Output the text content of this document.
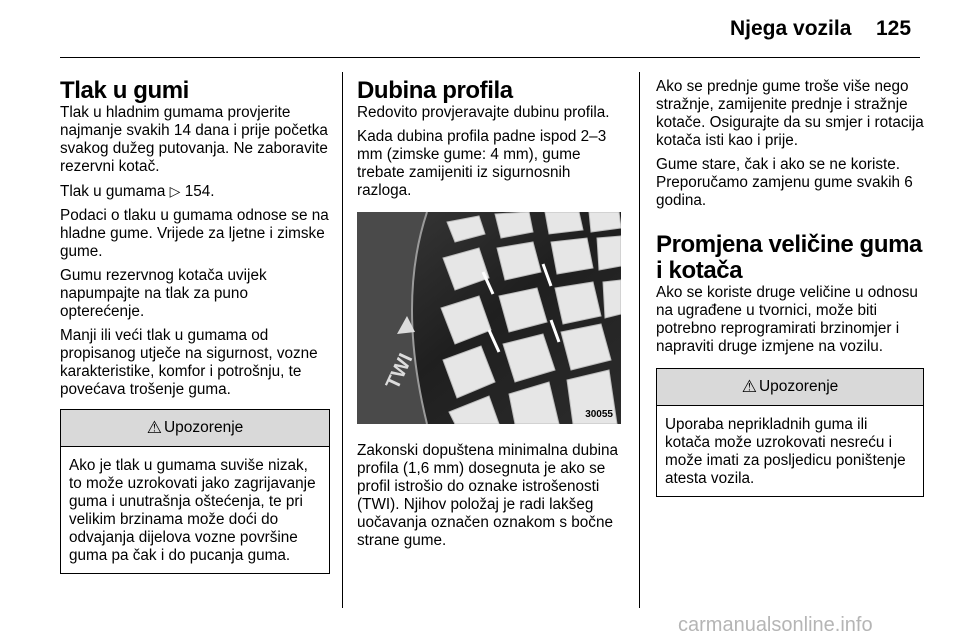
Njega vozila 125
Tlak u gumi

Tlak u hladnim gumama provjerite najmanje svakih 14 dana i prije početka svakog dužeg putovanja. Ne zaboravite rezervni kotač.

Tlak u gumama ▷ 154.

Podaci o tlaku u gumama odnose se na hladne gume. Vrijede za ljetne i zimske gume.

Gumu rezervnog kotača uvijek napumpajte na tlak za puno opterećenje.

Manji ili veći tlak u gumama od propisanog utječe na sigurnost, vozne karakteristike, komfor i potrošnju, te povećava trošenje guma.

⚠ Upozorenje

Ako je tlak u gumama suviše nizak, to može uzrokovati jako zagrijavanje guma i unutrašnja oštećenja, te pri velikim brzinama može doći do odvajanja dijelova vozne površine guma pa čak i do pucanja guma.

Dubina profila

Redovito provjeravajte dubinu profila.

Kada dubina profila padne ispod 2–3 mm (zimske gume: 4 mm), gume trebate zamijeniti iz sigurnosnih razloga.

TWI
30055

Zakonski dopuštena minimalna dubina profila (1,6 mm) dosegnuta je ako se profil istrošio do oznake istrošenosti (TWI). Njihov položaj je radi lakšeg uočavanja označen oznakom s bočne strane gume.

Ako se prednje gume troše više nego stražnje, zamijenite prednje i stražnje kotače. Osigurajte da su smjer i rotacija kotača isti kao i prije.

Gume stare, čak i ako se ne koriste. Preporučamo zamjenu gume svakih 6 godina.

Promjena veličine guma i kotača

Ako se koriste druge veličine u odnosu na ugrađene u tvornici, može biti potrebno reprogramirati brzinomjer i napraviti druge izmjene na vozilu.

⚠ Upozorenje

Uporaba neprikladnih guma ili kotača može uzrokovati nesreću i može imati za posljedicu poništenje atesta vozila.

carmanualsonline.info
